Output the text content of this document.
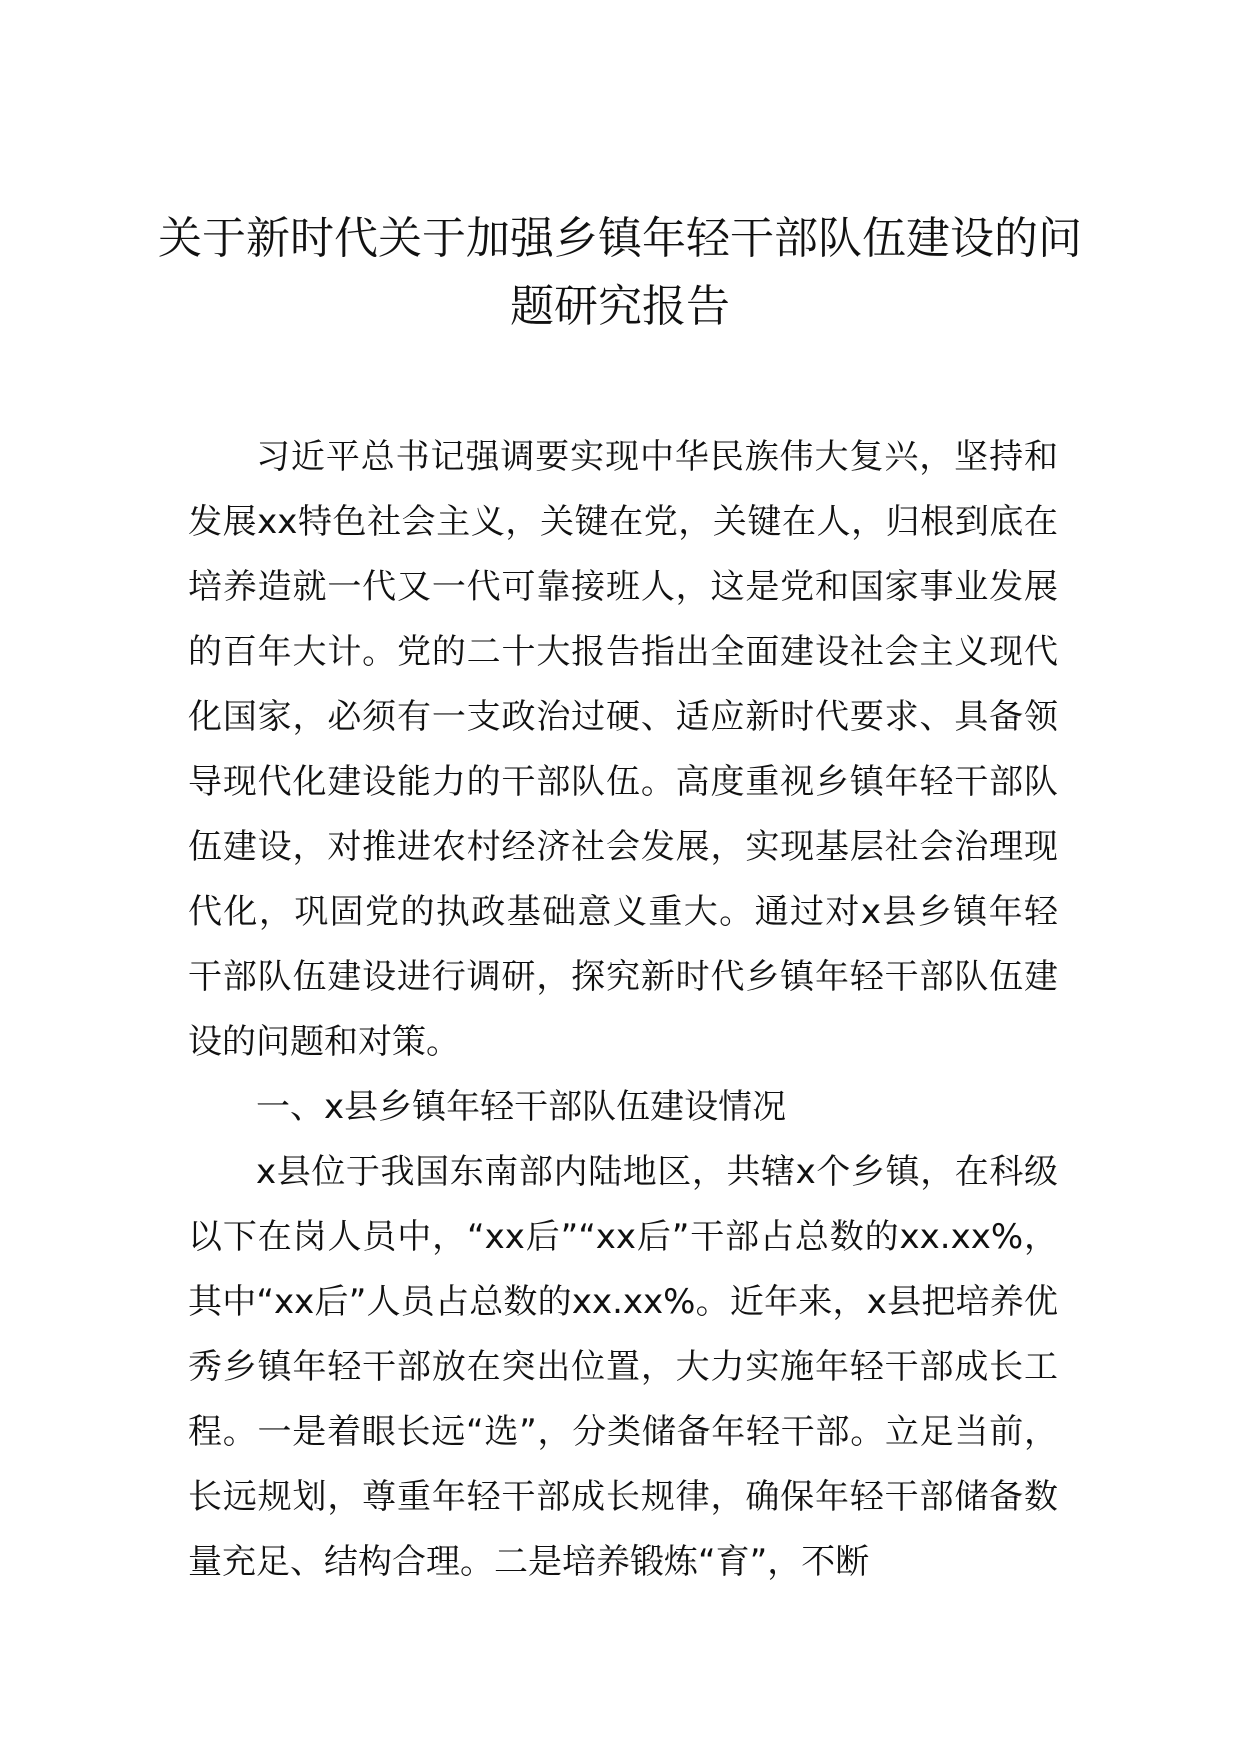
关于新时代关于加强乡镇年轻干部队伍建设的问题研究报告

习近平总书记强调要实现中华民族伟大复兴，坚持和发展xx特色社会主义，关键在党，关键在人，归根到底在培养造就一代又一代可靠接班人，这是党和国家事业发展的百年大计。党的二十大报告指出全面建设社会主义现代化国家，必须有一支政治过硬、适应新时代要求、具备领导现代化建设能力的干部队伍。高度重视乡镇年轻干部队伍建设，对推进农村经济社会发展，实现基层社会治理现代化，巩固党的执政基础意义重大。通过对x县乡镇年轻干部队伍建设进行调研，探究新时代乡镇年轻干部队伍建设的问题和对策。

一、x县乡镇年轻干部队伍建设情况

x县位于我国东南部内陆地区，共辖x个乡镇，在科级以下在岗人员中，“xx后”“xx后”干部占总数的xx.xx%，其中“xx后”人员占总数的xx.xx%。近年来，x县把培养优秀乡镇年轻干部放在突出位置，大力实施年轻干部成长工程。一是着眼长远“选”，分类储备年轻干部。立足当前，长远规划，尊重年轻干部成长规律，确保年轻干部储备数量充足、结构合理。二是培养锻炼“育”，不断
